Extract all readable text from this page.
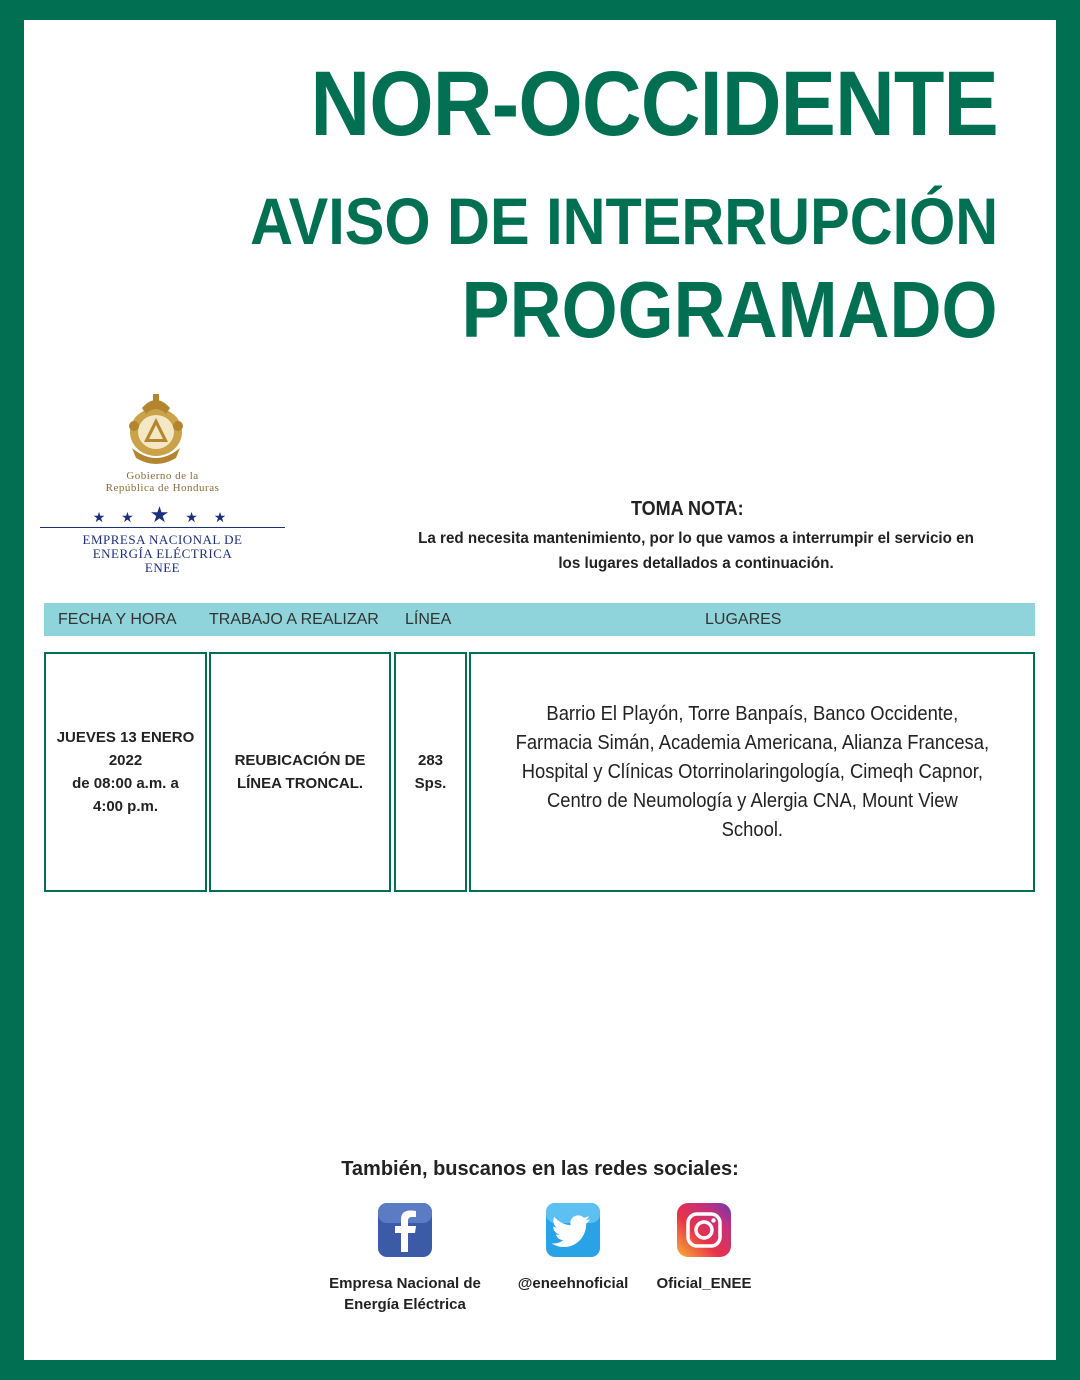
NOR-OCCIDENTE
AVISO DE INTERRUPCIÓN
PROGRAMADO
Gobierno de la
República de Honduras
★ ★ ★ ★ ★
EMPRESA NACIONAL DE
ENERGÍA ELÉCTRICA
ENEE
TOMA NOTA:
La red necesita mantenimiento, por lo que vamos a interrumpir el servicio en
los lugares detallados a continuación.
FECHA Y HORA TRABAJO A REALIZAR LÍNEA	LUGARES
JUEVES 13 ENERO
2022
de 08:00 a.m. a
4:00 p.m.
REUBICACIÓN DE
LÍNEA TRONCAL.
283
Sps.
Barrio El Playón, Torre Banpaís, Banco Occidente,
Farmacia Simán, Academia Americana, Alianza Francesa,
Hospital y Clínicas Otorrinolaringología, Cimeqh Capnor,
Centro de Neumología y Alergia CNA, Mount View
School.
También, buscanos en las redes sociales:
Empresa Nacional de
Energía Eléctrica
@eneehnoficial	Oficial_ENEE
